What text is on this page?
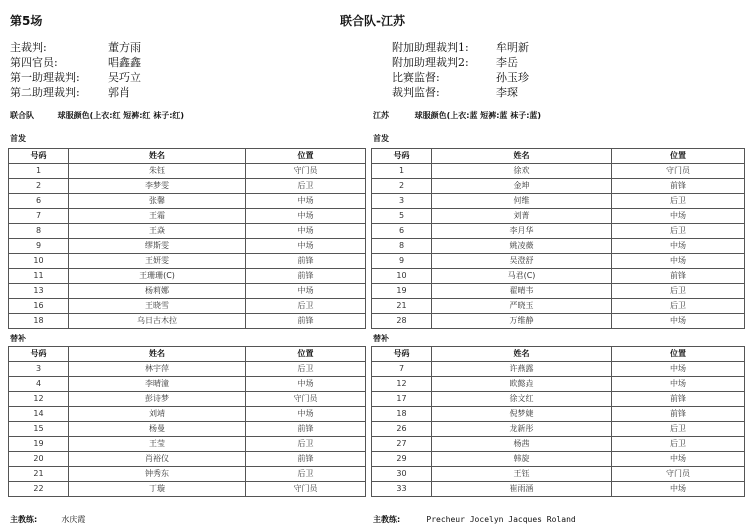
第5场	联合队-江苏
主裁判:	董方雨
第四官员:	唱鑫鑫
第一助理裁判:	吴巧立
第二助理裁判:	郭肖
附加助理裁判1: 牟明新
附加助理裁判2: 李岳
比赛监督:	孙玉珍
裁判监督:	李琛
联合队	球服颜色(上衣:红 短裤:红 袜子:红)	江苏	球服颜色(上衣:蓝 短裤:蓝 袜子:蓝)
首发	首发
替补	替补
号码	姓名	位置
1	朱钰	守门员
2	李梦雯	后卫
6	张馨	中场
7	王霜	中场
8	王焱	中场
9	缪斯雯	中场
10	王妍雯	前锋
11	王珊珊(C)	前锋
13	杨莉娜	中场
16	王晓雪	后卫
18	乌日古木拉	前锋
号码	姓名	位置
1	徐欢	守门员
2	金坤	前锋
3	何维	后卫
5	刘菁	中场
6	李月华	后卫
8	姚凌薇	中场
9	吴澄舒	中场
10	马君(C)	前锋
19	翟晴韦	后卫
21	严晓玉	后卫
28	万维静	中场
号码	姓名	位置
3	林宇萍	后卫
4	李晴潼	中场
12	彭诗梦	守门员
14	刘靖	中场
15	杨曼	前锋
19	王莹	后卫
20	肖裕仪	前锋
21	钟秀东	后卫
22	丁璇	守门员
号码	姓名	位置
7	许燕露	中场
12	欧懿垚	中场
17	徐文红	前锋
18	倪梦婕	前锋
26	龙新彤	后卫
27	杨茜	后卫
29	韩旋	中场
30	王钰	守门员
33	崔雨涵	中场
主教练:	水庆霞	主教练:	Precheur Jocelyn Jacques Roland
